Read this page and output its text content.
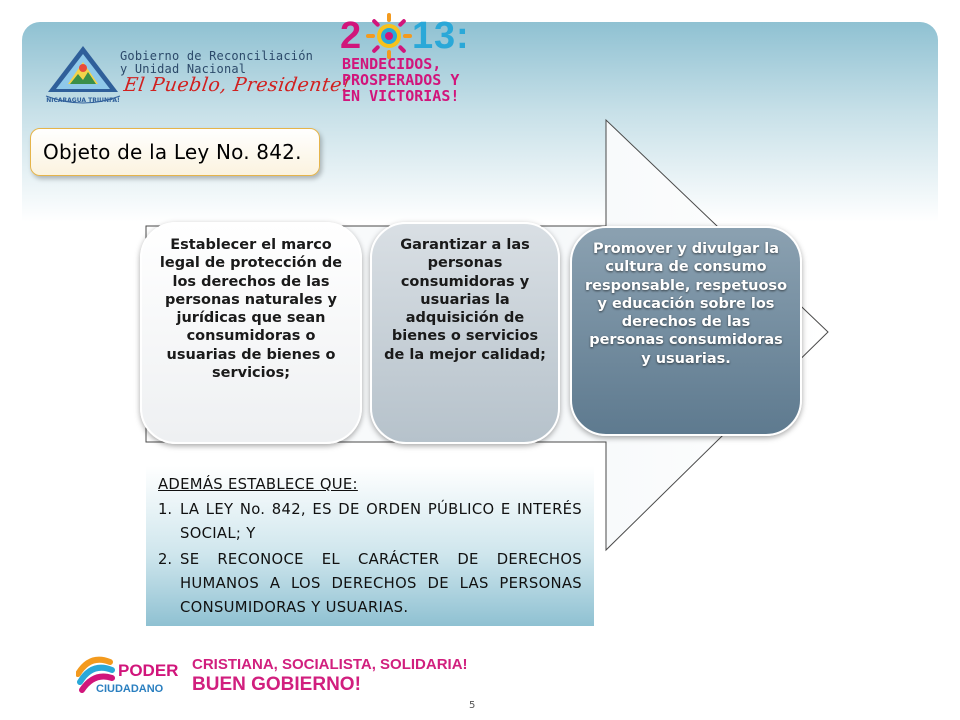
NICARAGUA TRIUNFA!

Gobierno de Reconciliación
y Unidad Nacional

El Pueblo, Presidente!
2 1 3 :

BENDECIDOS,
PROSPERADOS Y
EN VICTORIAS!

Objeto de la Ley No. 842.
Establecer el marco legal de protección de los derechos de las personas naturales y jurídicas que sean consumidoras o usuarias de bienes o servicios;
Garantizar a las personas consumidoras y usuarias la adquisición de bienes o servicios de la mejor calidad;
Promover y divulgar la cultura de consumo responsable, respetuoso y educación sobre los derechos de las personas consumidoras y usuarias.
ADEMÁS ESTABLECE QUE:
1. LA LEY No. 842, ES DE ORDEN PÚBLICO E INTERÉS SOCIAL; Y
2. SE RECONOCE EL CARÁCTER DE DERECHOS HUMANOS A LOS DERECHOS DE LAS PERSONAS CONSUMIDORAS Y USUARIAS.
PODER
CIUDADANO
CRISTIANA, SOCIALISTA, SOLIDARIA!
BUEN GOBIERNO!
5
